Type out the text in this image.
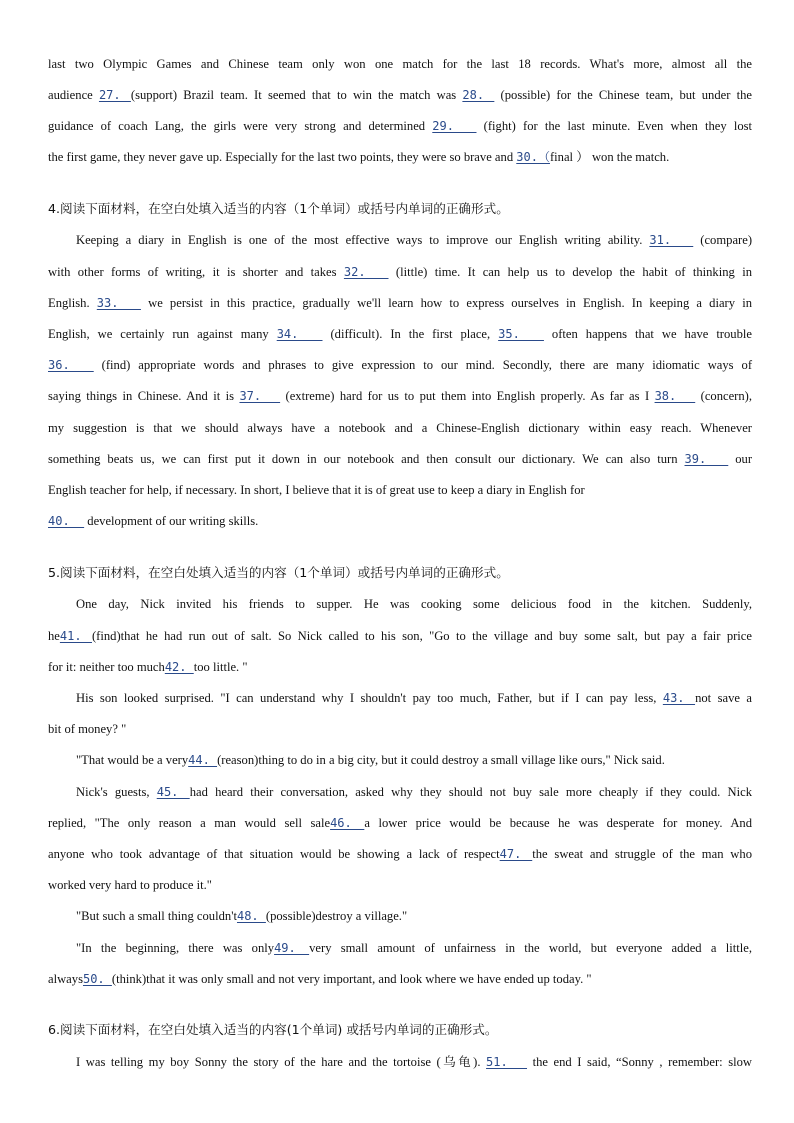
last two Olympic Games and Chinese team only won one match for the last 18 records. What's more, almost all the
audience 27. (support) Brazil team. It seemed that to win the match was 28.  (possible) for the Chinese team, but under the
guidance of coach Lang, the girls were very strong and determined 29.   (fight) for the last minute. Even when they lost
the first game, they never gave up. Especially for the last two points, they were so brave and 30.（final ） won the match.
4.阅读下面材料，在空白处填入适当的内容（1个单词）或括号内单词的正确形式。
Keeping a diary in English is one of the most effective ways to improve our English writing ability. 31.   (compare)
with other forms of writing, it is shorter and takes 32.   (little) time. It can help us to develop the habit of thinking in
English. 33.   we persist in this practice, gradually we'll learn how to express ourselves in English. In keeping a diary in
English, we certainly run against many 34.   (difficult). In the first place, 35.   often happens that we have trouble
36.   (find) appropriate words and phrases to give expression to our mind. Secondly, there are many idiomatic ways of
saying things in Chinese. And it is 37.   (extreme) hard for us to put them into English properly. As far as I 38.   (concern),
my suggestion is that we should always have a notebook and a Chinese-English dictionary within easy reach. Whenever
something beats us, we can first put it down in our notebook and then consult our dictionary. We can also turn 39.   our
English teacher for help, if necessary. In short, I believe that it is of great use to keep a diary in English for
40.   development of our writing skills.
5.阅读下面材料，在空白处填入适当的内容（1个单词）或括号内单词的正确形式。
One day, Nick invited his friends to supper. He was cooking some delicious food in the kitchen. Suddenly,
he41. (find)that he had run out of salt. So Nick called to his son, "Go to the village and buy some salt, but pay a fair price
for it: neither too much42. too little. "
His son looked surprised. "I can understand why I shouldn't pay too much, Father, but if I can pay less, 43. not save a
bit of money? "
"That would be a very44. (reason)thing to do in a big city, but it could destroy a small village like ours," Nick said.
Nick's guests, 45. had heard their conversation, asked why they should not buy sale more cheaply if they could. Nick
replied, "The only reason a man would sell sale46. a lower price would be because he was desperate for money. And
anyone who took advantage of that situation would be showing a lack of respect47. the sweat and struggle of the man who
worked very hard to produce it."
"But such a small thing couldn't48. (possible)destroy a village."
"In the beginning, there was only49. very small amount of unfairness in the world, but everyone added a little,
always50. (think)that it was only small and not very important, and look where we have ended up today. "
6.阅读下面材料，在空白处填入适当的内容(1个单词) 或括号内单词的正确形式。
I was telling my boy Sonny the story of the hare and the tortoise (乌龟). 51.   the end I said, “Sonny , remember: slow
